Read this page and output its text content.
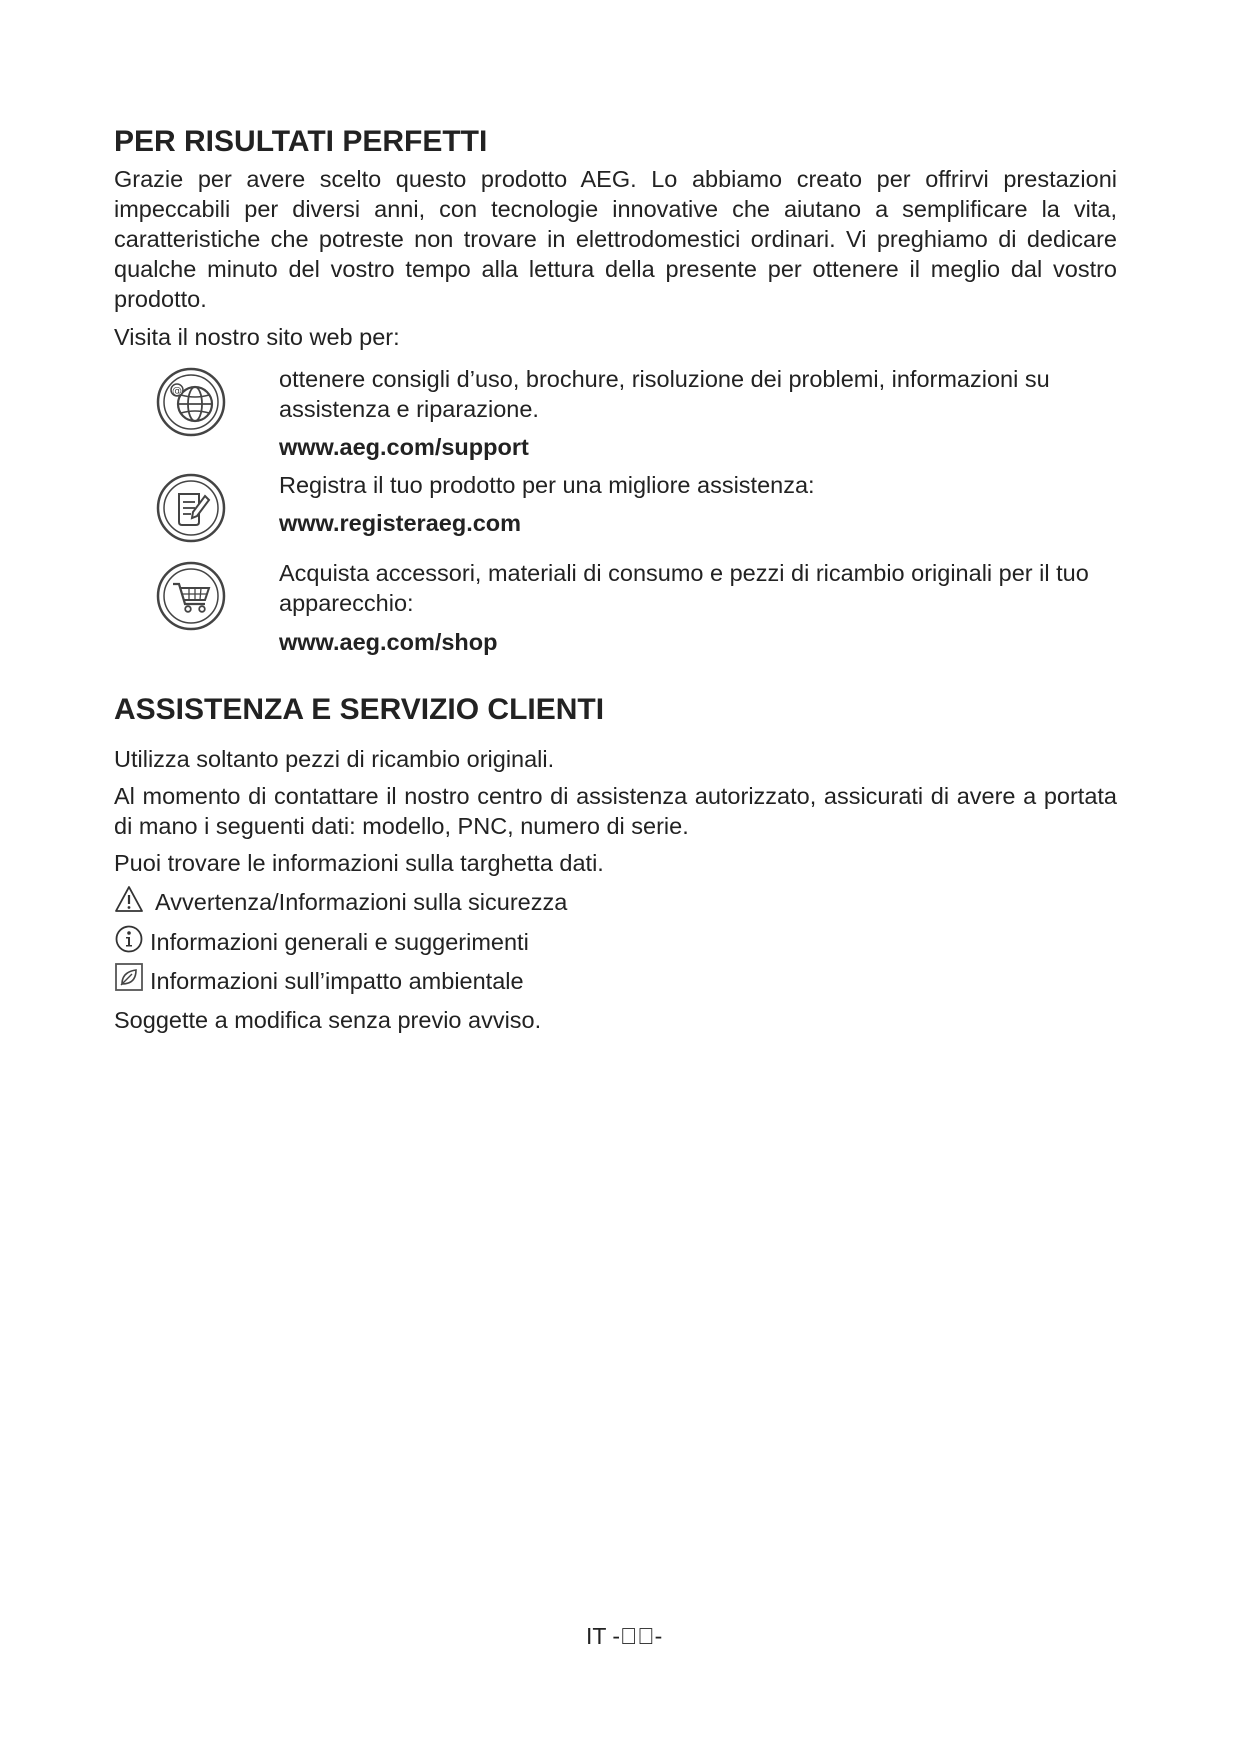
PER RISULTATI PERFETTI

Grazie per avere scelto questo prodotto AEG. Lo abbiamo creato per offrirvi prestazioni impeccabili per diversi anni, con tecnologie innovative che aiutano a semplificare la vita, caratteristiche che potreste non trovare in elettrodomestici ordinari. Vi preghiamo di dedicare qualche minuto del vostro tempo alla lettura della presente per ottenere il meglio dal vostro prodotto.

Visita il nostro sito web per:

@	ottenere consigli d’uso, brochure, risoluzione dei problemi, informazioni su assistenza e riparazione.

www.aeg.com/support

Registra il tuo prodotto per una migliore assistenza:

www.registeraeg.com

Acquista accessori, materiali di consumo e pezzi di ricambio originali per il tuo apparecchio:

www.aeg.com/shop
ASSISTENZA E SERVIZIO CLIENTI

Utilizza soltanto pezzi di ricambio originali.

Al momento di contattare il nostro centro di assistenza autorizzato, assicurati di avere a portata di mano i seguenti dati: modello, PNC, numero di serie.

Puoi trovare le informazioni sulla targhetta dati.

Avvertenza/Informazioni sulla sicurezza

Informazioni generali e suggerimenti

Informazioni sull’impatto ambientale

Soggette a modifica senza previo avviso.

IT -  -
